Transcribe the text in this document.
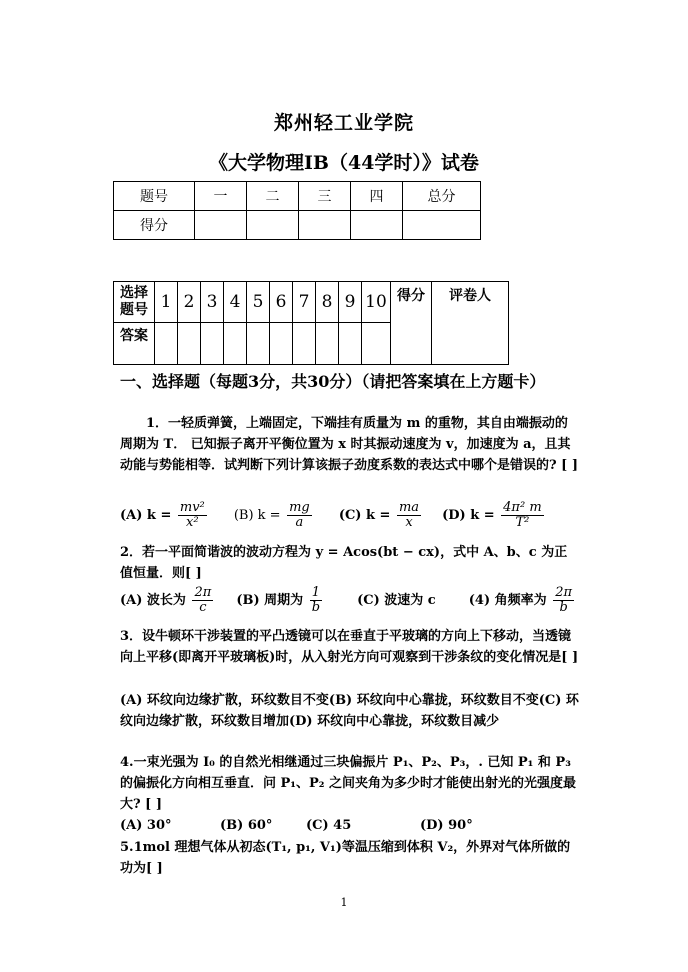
郑州轻工业学院
《大学物理ⅠB（44学时）》试卷
题号	一	二	三	四	总分
得分					
选择
题号	1	2	3	4	5	6	7	8	9	10	得分	评卷人
答案												
一、选择题（每题3分，共30分）（请把答案填在上方题卡）
1．一轻质弹簧，上端固定，下端挂有质量为 m 的重物，其自由端振动的周期为 T． 已知振子离开平衡位置为 x 时其振动速度为 v，加速度为 a，且其动能与势能相等．试判断下列计算该振子劲度系数的表达式中哪个是错误的? [ ]
(A) $k = \frac{\text{mv²}}{\text{x²}} (B) k = \frac{mg}{a} (C) k = \frac{ma}{x} (D) k = \frac{\text{4π² m}}{\text{T²}}$
2．若一平面简谐波的波动方程为 y = Acos(bt − cx)，式中 A、b、c 为正值恒量．则[ ]
(A) 波长为 $\frac{2\pi}{c} (B)$ 周期为 $\frac{1}{b}$	(C) 波速为 c	(4) 角频率为 $\frac{2\pi}{b}$
3．设牛顿环干涉装置的平凸透镜可以在垂直于平玻璃的方向上下移动，当透镜向上平移(即离开平玻璃板)时，从入射光方向可观察到干涉条纹的变化情况是[ ]
(A) 环纹向边缘扩散，环纹数目不变(B) 环纹向中心靠拢，环纹数目不变(C) 环纹向边缘扩散，环纹数目增加(D) 环纹向中心靠拢，环纹数目减少
4.一束光强为 I₀ 的自然光相继通过三块偏振片 P₁、P₂、P₃，. 已知 P₁ 和 P₃ 的偏振化方向相互垂直．问 P₁、P₂ 之间夹角为多少时才能使出射光的光强度最大? [ ]
(A) 30°	(B) 60°	(C) 45	(D) 90°
5.1mol 理想气体从初态(T₁, p₁, V₁)等温压缩到体积 V₂，外界对气体所做的功为[ ]
1
